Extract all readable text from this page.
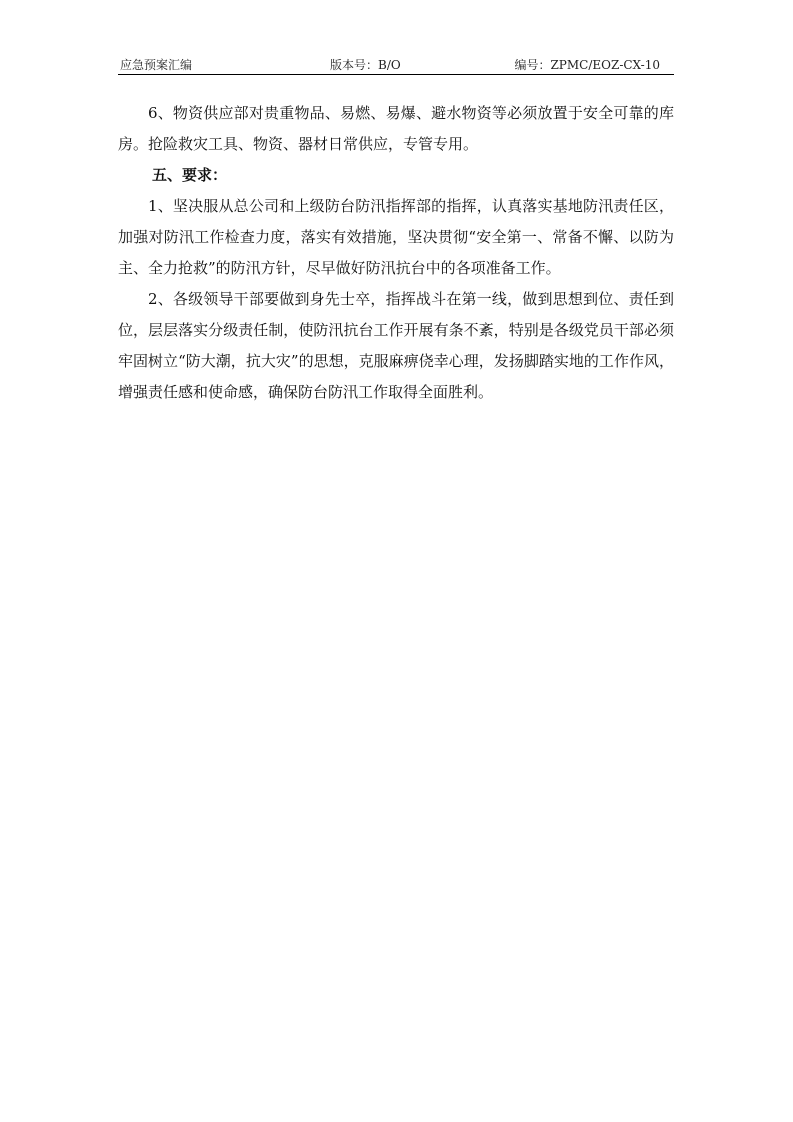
应急预案汇编	版本号：B/O	编号：ZPMC/EOZ-CX-10

6、物资供应部对贵重物品、易燃、易爆、避水物资等必须放置于安全可靠的库房。抢险救灾工具、物资、器材日常供应，专管专用。

五、要求：

1、坚决服从总公司和上级防台防汛指挥部的指挥，认真落实基地防汛责任区，加强对防汛工作检查力度，落实有效措施，坚决贯彻“安全第一、常备不懈、以防为主、全力抢救”的防汛方针，尽早做好防汛抗台中的各项准备工作。

2、各级领导干部要做到身先士卒，指挥战斗在第一线，做到思想到位、责任到位，层层落实分级责任制，使防汛抗台工作开展有条不紊，特别是各级党员干部必须牢固树立“防大潮，抗大灾”的思想，克服麻痹侥幸心理，发扬脚踏实地的工作作风，增强责任感和使命感，确保防台防汛工作取得全面胜利。
